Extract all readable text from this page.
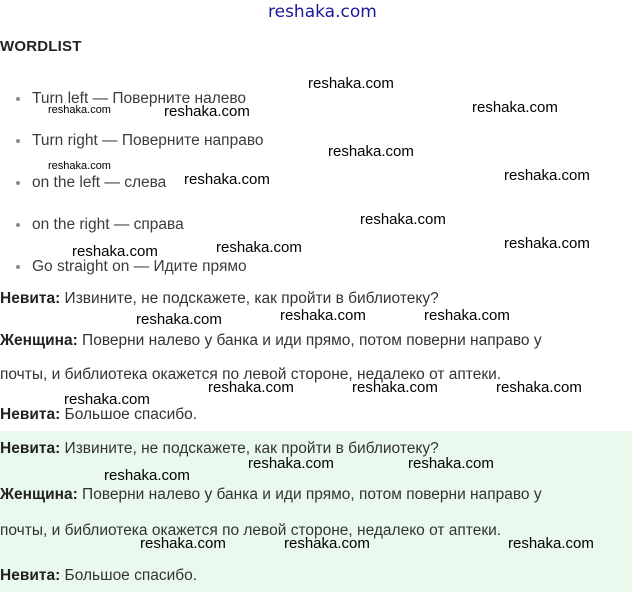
reshaka.com
reshaka.com
reshaka.com
reshaka.com	reshaka.com
reshaka.com
reshaka.com
reshaka.com	reshaka.com
reshaka.com
reshaka.com
reshaka.com	reshaka.com
reshaka.com	reshaka.com	reshaka.com
reshaka.com	reshaka.com	reshaka.com
reshaka.com
WORDLIST
Turn left — Поверните налево
Turn right — Поверните направо
on the left — слева
on the right — справа
Go straight on — Идите прямо
Невита: Извините, не подскажете, как пройти в библиотеку?
Женщина: Поверни налево у банка и иди прямо, потом поверни направо у
почты, и библиотека окажется по левой стороне, недалеко от аптеки.
Невита: Большое спасибо.
Невита: Извините, не подскажете, как пройти в библиотеку?
Женщина: Поверни налево у банка и иди прямо, потом поверни направо у
почты, и библиотека окажется по левой стороне, недалеко от аптеки.
Невита: Большое спасибо.
reshaka.com	reshaka.com
reshaka.com
reshaka.com	reshaka.com	reshaka.com
